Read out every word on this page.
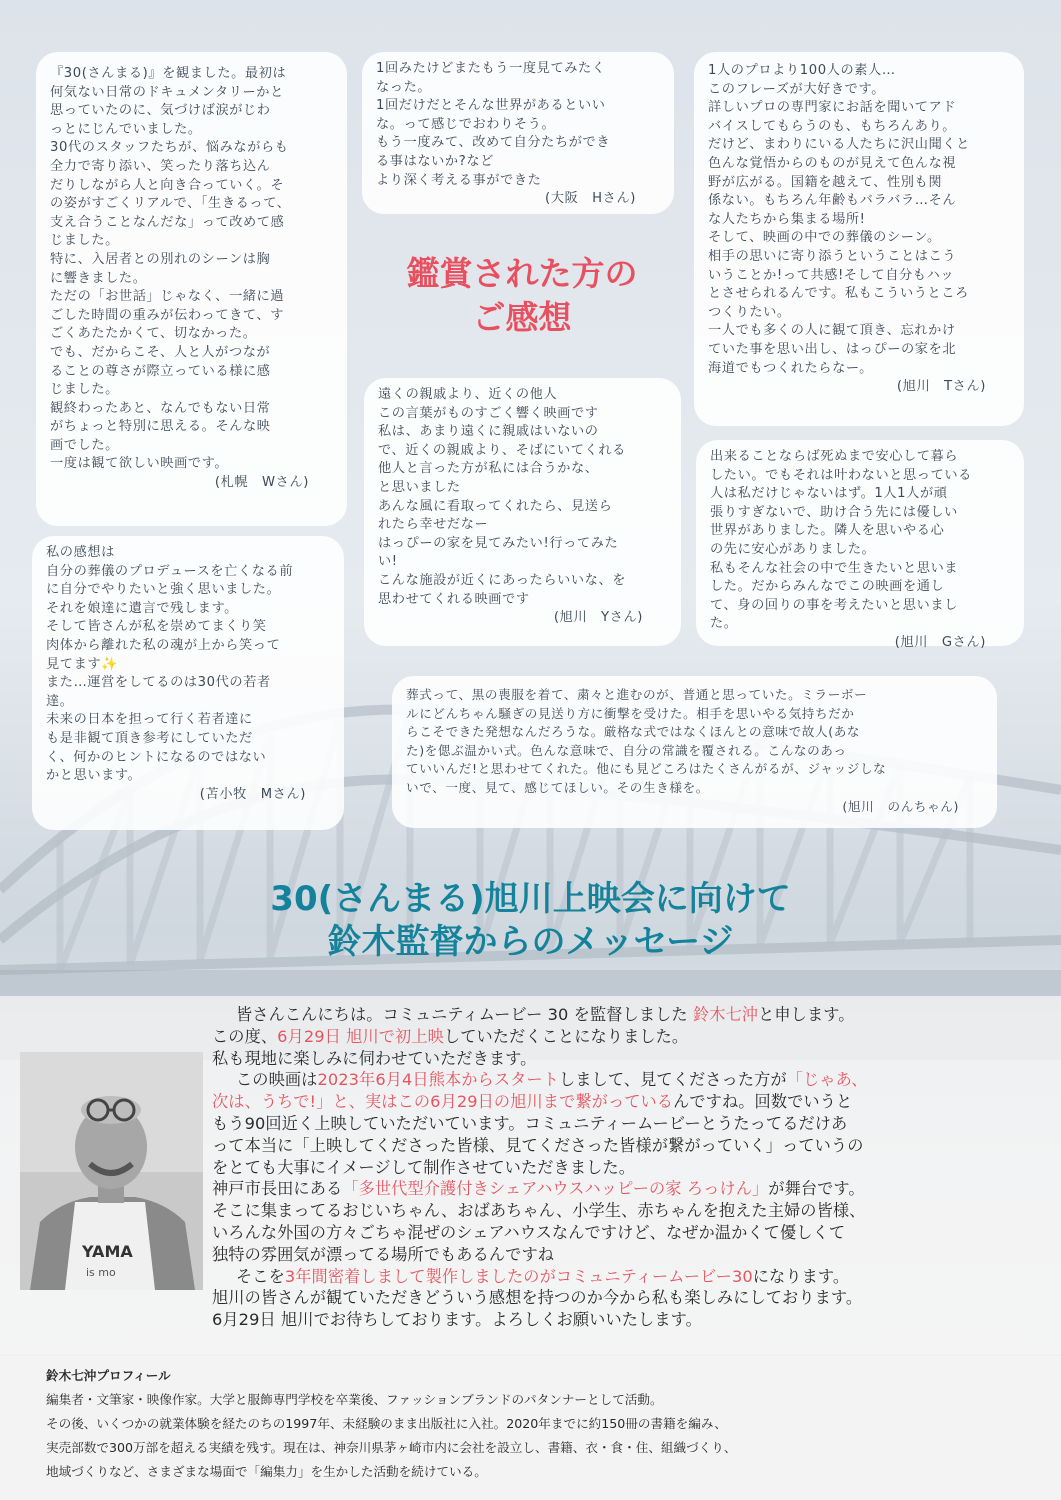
『30(さんまる)』を観ました。最初は
何気ない日常のドキュメンタリーかと
思っていたのに、気づけば涙がじわ
っとにじんでいました。
30代のスタッフたちが、悩みながらも
全力で寄り添い、笑ったり落ち込ん
だりしながら人と向き合っていく。そ
の姿がすごくリアルで、「生きるって、
支え合うことなんだな」って改めて感
じました。
特に、入居者との別れのシーンは胸
に響きました。
ただの「お世話」じゃなく、一緒に過
ごした時間の重みが伝わってきて、す
ごくあたたかくて、切なかった。
でも、だからこそ、人と人がつなが
ることの尊さが際立っている様に感
じました。
観終わったあと、なんでもない日常
がちょっと特別に思える。そんな映
画でした。
一度は観て欲しい映画です。
(札幌　Wさん)
1回みたけどまたもう一度見てみたく
なった。
1回だけだとそんな世界があるといい
な。って感じでおわりそう。
もう一度みて、改めて自分たちができ
る事はないか?など
より深く考える事ができた
(大阪　Hさん)
鑑賞された方の
ご感想
1人のプロより100人の素人…
このフレーズが大好きです。
詳しいプロの専門家にお話を聞いてアド
バイスしてもらうのも、もちろんあり。
だけど、まわりにいる人たちに沢山聞くと
色んな覚悟からのものが見えて色んな視
野が広がる。国籍を越えて、性別も関
係ない。もちろん年齢もバラバラ…そん
な人たちから集まる場所!
そして、映画の中での葬儀のシーン。
相手の思いに寄り添うということはこう
いうことか!って共感!そして自分もハッ
とさせられるんです。私もこういうところ
つくりたい。
一人でも多くの人に観て頂き、忘れかけ
ていた事を思い出し、はっぴーの家を北
海道でもつくれたらなー。
(旭川　Tさん)
遠くの親戚より、近くの他人
この言葉がものすごく響く映画です
私は、あまり遠くに親戚はいないの
で、近くの親戚より、そばにいてくれる
他人と言った方が私には合うかな、
と思いました
あんな風に看取ってくれたら、見送ら
れたら幸せだなー
はっぴーの家を見てみたい!行ってみた
い!
こんな施設が近くにあったらいいな、を
思わせてくれる映画です
(旭川　Yさん)
出来ることならば死ぬまで安心して暮ら
したい。でもそれは叶わないと思っている
人は私だけじゃないはず。1人1人が頑
張りすぎないで、助け合う先には優しい
世界がありました。隣人を思いやる心
の先に安心がありました。
私もそんな社会の中で生きたいと思いま
した。だからみんなでこの映画を通し
て、身の回りの事を考えたいと思いまし
た。
(旭川　Gさん)
私の感想は
自分の葬儀のプロデュースを亡くなる前
に自分でやりたいと強く思いました。
それを娘達に遺言で残します。
そして皆さんが私を崇めてまくり笑
肉体から離れた私の魂が上から笑って
見てます✨
また…運営をしてるのは30代の若者
達。
未来の日本を担って行く若者達に
も是非観て頂き参考にしていただ
く、何かのヒントになるのではない
かと思います。
(苫小牧　Mさん)
葬式って、黒の喪服を着て、粛々と進むのが、普通と思っていた。ミラーボー
ルにどんちゃん騒ぎの見送り方に衝撃を受けた。相手を思いやる気持ちだか
らこそできた発想なんだろうな。厳格な式ではなくほんとの意味で故人(あな
た)を偲ぶ温かい式。色んな意味で、自分の常識を覆される。こんなのあっ
ていいんだ!と思わせてくれた。他にも見どころはたくさんがるが、ジャッジしな
いで、一度、見て、感じてほしい。その生き様を。
(旭川　のんちゃん)
30(さんまる)旭川上映会に向けて
鈴木監督からのメッセージ
YAMA
is mo

皆さんこんにちは。コミュニティムービー 30 を監督しました 鈴木七沖と申します。

この度、6月29日 旭川で初上映していただくことになりました。

私も現地に楽しみに伺わせていただきます。

この映画は2023年6月4日熊本からスタートしまして、見てくださった方が「じゃあ、

次は、うちで!」と、実はこの6月29日の旭川まで繋がっているんですね。回数でいうと

もう90回近く上映していただいています。コミュニティームービーとうたってるだけあ

って本当に「上映してくださった皆様、見てくださった皆様が繋がっていく」っていうの

をとても大事にイメージして制作させていただきました。

神戸市長田にある「多世代型介護付きシェアハウスハッピーの家 ろっけん」が舞台です。

そこに集まってるおじいちゃん、おばあちゃん、小学生、赤ちゃんを抱えた主婦の皆様、

いろんな外国の方々ごちゃ混ぜのシェアハウスなんですけど、なぜか温かくて優しくて

独特の雰囲気が漂ってる場所でもあるんですね

そこを3年間密着しまして製作しましたのがコミュニティームービー30になります。

旭川の皆さんが観ていただきどういう感想を持つのか今から私も楽しみにしております。

6月29日 旭川でお待ちしております。よろしくお願いいたします。

鈴木七沖プロフィール
編集者・文筆家・映像作家。大学と服飾専門学校を卒業後、ファッションブランドのパタンナーとして活動。
その後、いくつかの就業体験を経たのちの1997年、未経験のまま出版社に入社。2020年までに約150冊の書籍を編み、
実売部数で300万部を超える実績を残す。現在は、神奈川県茅ヶ崎市内に会社を設立し、書籍、衣・食・住、組織づくり、
地域づくりなど、さまざまな場面で「編集力」を生かした活動を続けている。
